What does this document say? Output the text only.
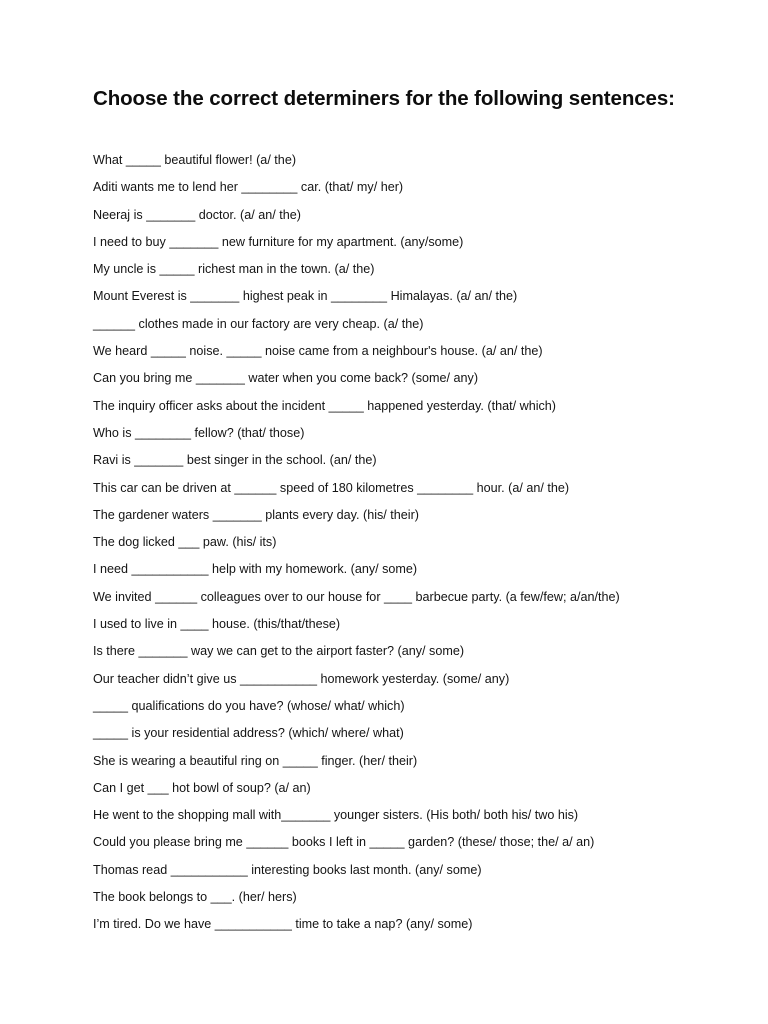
Choose the correct determiners for the following sentences:
What _____ beautiful flower! (a/ the)
Aditi wants me to lend her ________ car. (that/ my/ her)
Neeraj is _______ doctor. (a/ an/ the)
I need to buy _______ new furniture for my apartment. (any/some)
My uncle is _____ richest man in the town. (a/ the)
Mount Everest is _______ highest peak in ________ Himalayas. (a/ an/ the)
______ clothes made in our factory are very cheap. (a/ the)
We heard _____ noise. _____ noise came from a neighbour's house. (a/ an/ the)
Can you bring me _______ water when you come back? (some/ any)
The inquiry officer asks about the incident _____ happened yesterday. (that/ which)
Who is ________ fellow? (that/ those)
Ravi is _______ best singer in the school. (an/ the)
This car can be driven at ______ speed of 180 kilometres ________ hour. (a/ an/ the)
The gardener waters _______ plants every day. (his/ their)
The dog licked ___ paw. (his/ its)
I need ___________ help with my homework. (any/ some)
We invited ______ colleagues over to our house for ____ barbecue party. (a few/few; a/an/the)
I used to live in ____ house. (this/that/these)
Is there _______ way we can get to the airport faster? (any/ some)
Our teacher didn’t give us ___________ homework yesterday. (some/ any)
_____ qualifications do you have? (whose/ what/ which)
_____ is your residential address? (which/ where/ what)
She is wearing a beautiful ring on _____ finger. (her/ their)
Can I get ___ hot bowl of soup? (a/ an)
He went to the shopping mall with_______ younger sisters. (His both/ both his/ two his)
Could you please bring me ______ books I left in _____ garden? (these/ those; the/ a/ an)
Thomas read ___________ interesting books last month. (any/ some)
The book belongs to ___. (her/ hers)
I’m tired. Do we have ___________ time to take a nap? (any/ some)
